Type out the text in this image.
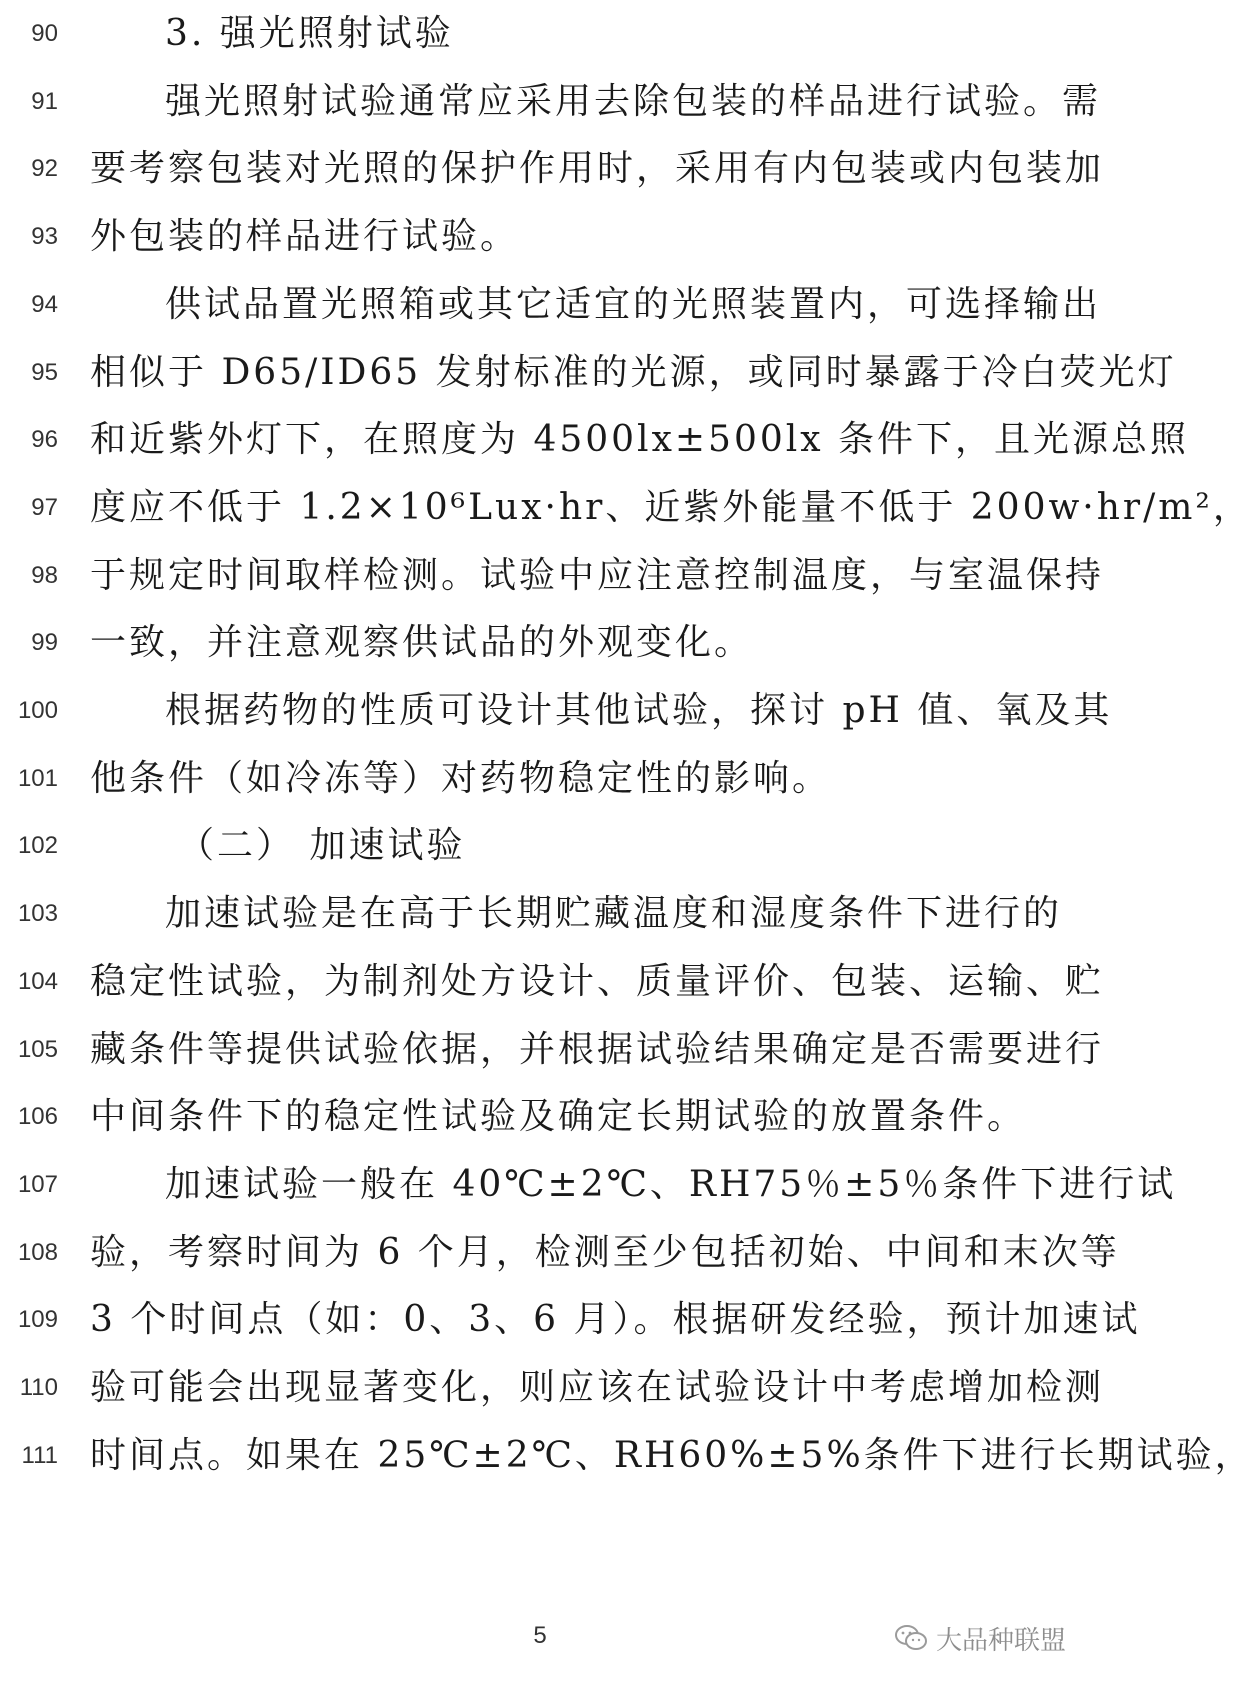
90	3. 强光照射试验
91	强光照射试验通常应采用去除包装的样品进行试验。需
92 要考察包装对光照的保护作用时，采用有内包装或内包装加
93 外包装的样品进行试验。
94	供试品置光照箱或其它适宜的光照装置内，可选择输出
95 相似于 D65/ID65 发射标准的光源，或同时暴露于冷白荧光灯
96 和近紫外灯下，在照度为 4500lx±500lx 条件下，且光源总照
97 度应不低于 1.2×10⁶Lux·hr、近紫外能量不低于 200w·hr/m²，
98 于规定时间取样检测。试验中应注意控制温度，与室温保持
99 一致，并注意观察供试品的外观变化。
100	根据药物的性质可设计其他试验，探讨 pH 值、氧及其
101 他条件（如冷冻等）对药物稳定性的影响。
102	（二） 加速试验
103	加速试验是在高于长期贮藏温度和湿度条件下进行的
104 稳定性试验，为制剂处方设计、质量评价、包装、运输、贮
105 藏条件等提供试验依据，并根据试验结果确定是否需要进行
106 中间条件下的稳定性试验及确定长期试验的放置条件。
107	加速试验一般在 40℃±2℃、RH75％±5％条件下进行试
108 验，考察时间为 6 个月，检测至少包括初始、中间和末次等
109 3 个时间点（如：0、3、6 月）。根据研发经验，预计加速试
110 验可能会出现显著变化，则应该在试验设计中考虑增加检测
111 时间点。如果在 25℃±2℃、RH60%±5%条件下进行长期试验，
5	大品种联盟
